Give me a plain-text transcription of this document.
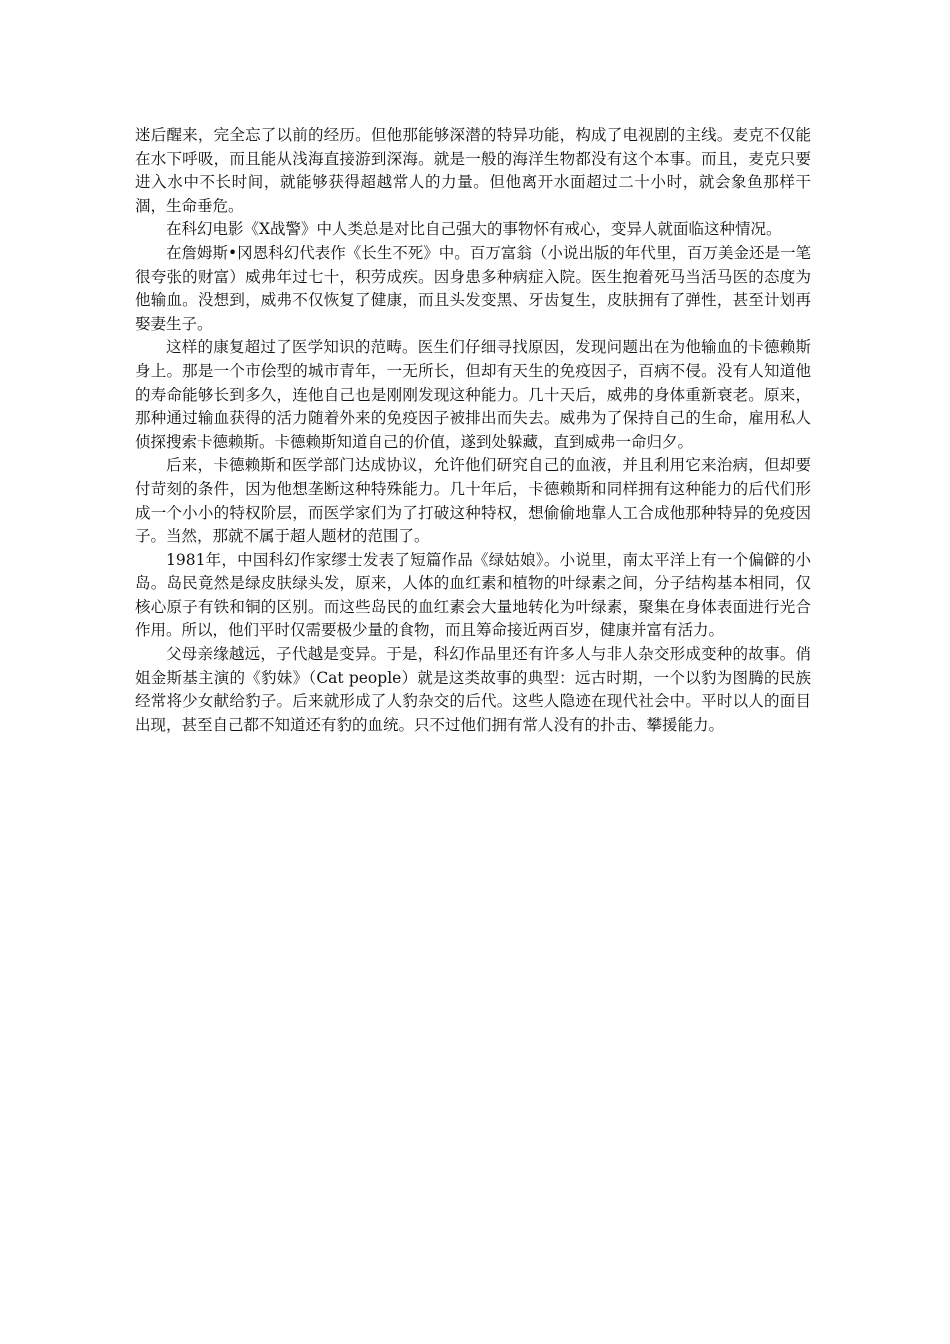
迷后醒来，完全忘了以前的经历。但他那能够深潜的特异功能，构成了电视剧的主线。麦克不仅能在水下呼吸，而且能从浅海直接游到深海。就是一般的海洋生物都没有这个本事。而且，麦克只要进入水中不长时间，就能够获得超越常人的力量。但他离开水面超过二十小时，就会象鱼那样干涸，生命垂危。

在科幻电影《X战警》中人类总是对比自己强大的事物怀有戒心，变异人就面临这种情况。

在詹姆斯•冈恩科幻代表作《长生不死》中。百万富翁（小说出版的年代里，百万美金还是一笔很夸张的财富）威弗年过七十，积劳成疾。因身患多种病症入院。医生抱着死马当活马医的态度为他输血。没想到，威弗不仅恢复了健康，而且头发变黑、牙齿复生，皮肤拥有了弹性，甚至计划再娶妻生子。

这样的康复超过了医学知识的范畴。医生们仔细寻找原因，发现问题出在为他输血的卡德赖斯身上。那是一个市侩型的城市青年，一无所长，但却有天生的免疫因子，百病不侵。没有人知道他的寿命能够长到多久，连他自己也是刚刚发现这种能力。几十天后，威弗的身体重新衰老。原来，那种通过输血获得的活力随着外来的免疫因子被排出而失去。威弗为了保持自己的生命，雇用私人侦探搜索卡德赖斯。卡德赖斯知道自己的价值，遂到处躲藏，直到威弗一命归夕。

后来，卡德赖斯和医学部门达成协议，允许他们研究自己的血液，并且利用它来治病，但却要付苛刻的条件，因为他想垄断这种特殊能力。几十年后，卡德赖斯和同样拥有这种能力的后代们形成一个小小的特权阶层，而医学家们为了打破这种特权，想偷偷地靠人工合成他那种特异的免疫因子。当然，那就不属于超人题材的范围了。

1981年，中国科幻作家缪士发表了短篇作品《绿姑娘》。小说里，南太平洋上有一个偏僻的小岛。岛民竟然是绿皮肤绿头发，原来，人体的血红素和植物的叶绿素之间，分子结构基本相同，仅核心原子有铁和铜的区别。而这些岛民的血红素会大量地转化为叶绿素，聚集在身体表面进行光合作用。所以，他们平时仅需要极少量的食物，而且筹命接近两百岁，健康并富有活力。

父母亲缘越远，子代越是变异。于是，科幻作品里还有许多人与非人杂交形成变种的故事。俏姐金斯基主演的《豹妹》（Cat people）就是这类故事的典型：远古时期，一个以豹为图腾的民族经常将少女献给豹子。后来就形成了人豹杂交的后代。这些人隐迹在现代社会中。平时以人的面目出现，甚至自己都不知道还有豹的血统。只不过他们拥有常人没有的扑击、攀援能力。
